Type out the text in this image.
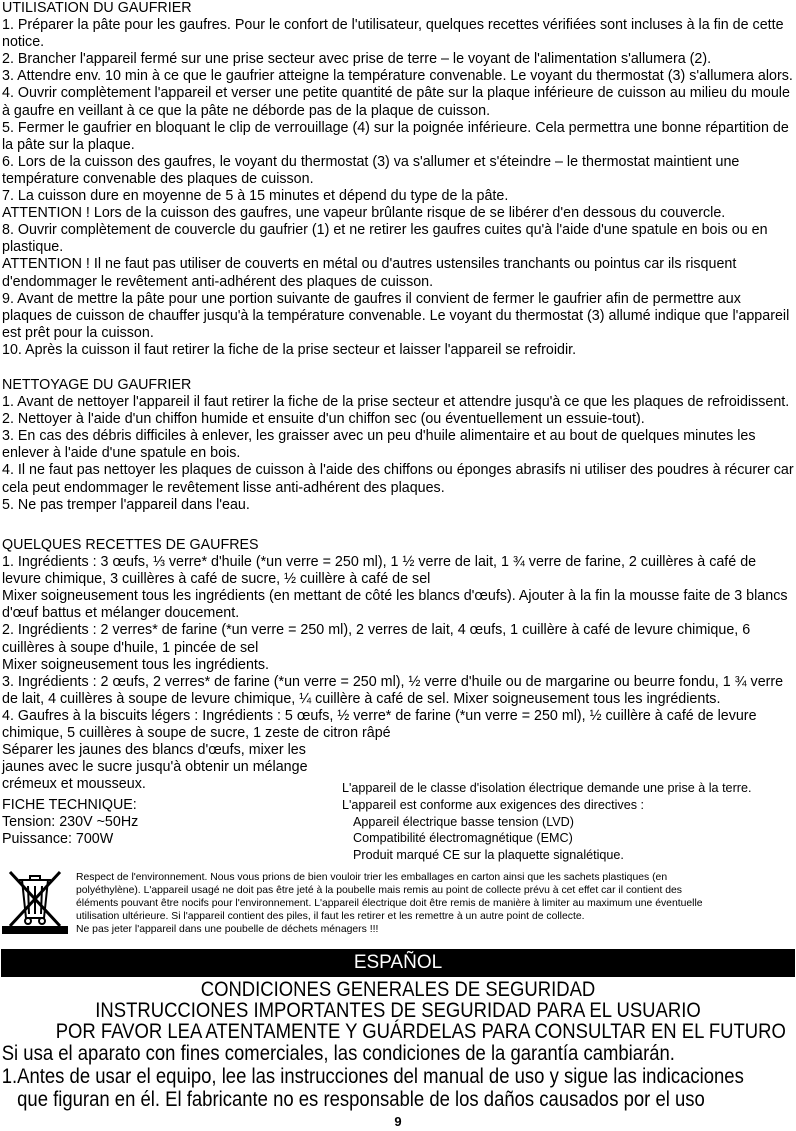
UTILISATION DU GAUFRIER

1. Préparer la pâte pour les gaufres. Pour le confort de l'utilisateur, quelques recettes vérifiées sont incluses à la fin de cette notice.

2. Brancher l'appareil fermé sur une prise secteur avec prise de terre – le voyant de l'alimentation s'allumera (2).

3. Attendre env. 10 min à ce que le gaufrier atteigne la température convenable. Le voyant du thermostat (3) s'allumera alors.

4. Ouvrir complètement l'appareil et verser une petite quantité de pâte sur la plaque inférieure de cuisson au milieu du moule à gaufre en veillant à ce que la pâte ne déborde pas de la plaque de cuisson.

5. Fermer le gaufrier en bloquant le clip de verrouillage (4) sur la poignée inférieure. Cela permettra une bonne répartition de la pâte sur la plaque.

6. Lors de la cuisson des gaufres, le voyant du thermostat (3) va s'allumer et s'éteindre – le thermostat maintient une température convenable des plaques de cuisson.

7. La cuisson dure en moyenne de 5 à 15 minutes et dépend du type de la pâte.

ATTENTION ! Lors de la cuisson des gaufres, une vapeur brûlante risque de se libérer d'en dessous du couvercle.

8. Ouvrir complètement de couvercle du gaufrier (1) et ne retirer les gaufres cuites qu'à l'aide d'une spatule en bois ou en plastique.

ATTENTION ! Il ne faut pas utiliser de couverts en métal ou d'autres ustensiles tranchants ou pointus car ils risquent d'endommager le revêtement anti-adhérent des plaques de cuisson.

9. Avant de mettre la pâte pour une portion suivante de gaufres il convient de fermer le gaufrier afin de permettre aux plaques de cuisson de chauffer jusqu'à la température convenable. Le voyant du thermostat (3) allumé indique que l'appareil est prêt pour la cuisson.

10. Après la cuisson il faut retirer la fiche de la prise secteur et laisser l'appareil se refroidir.

NETTOYAGE DU GAUFRIER

1. Avant de nettoyer l'appareil il faut retirer la fiche de la prise secteur et attendre jusqu'à ce que les plaques de refroidissent.

2. Nettoyer à l'aide d'un chiffon humide et ensuite d'un chiffon sec (ou éventuellement un essuie-tout).

3. En cas des débris difficiles à enlever, les graisser avec un peu d'huile alimentaire et au bout de quelques minutes les enlever à l'aide d'une spatule en bois.

4. Il ne faut pas nettoyer les plaques de cuisson à l'aide des chiffons ou éponges abrasifs ni utiliser des poudres à récurer car cela peut endommager le revêtement lisse anti-adhérent des plaques.

5. Ne pas tremper l'appareil dans l'eau.

QUELQUES RECETTES DE GAUFRES

1. Ingrédients : 3 œufs, ⅓ verre* d'huile (*un verre = 250 ml), 1 ½ verre de lait, 1 ¾ verre de farine, 2 cuillères à café de levure chimique, 3 cuillères à café de sucre, ½ cuillère à café de sel

Mixer soigneusement tous les ingrédients (en mettant de côté les blancs d'œufs). Ajouter à la fin la mousse faite de 3 blancs d'œuf battus et mélanger doucement.

2. Ingrédients : 2 verres* de farine (*un verre = 250 ml), 2 verres de lait, 4 œufs, 1 cuillère à café de levure chimique, 6 cuillères à soupe d'huile, 1 pincée de sel

Mixer soigneusement tous les ingrédients.

3. Ingrédients : 2 œufs, 2 verres* de farine (*un verre = 250 ml), ½ verre d'huile ou de margarine ou beurre fondu, 1 ¾ verre de lait, 4 cuillères à soupe de levure chimique, ¼ cuillère à café de sel. Mixer soigneusement tous les ingrédients.

4. Gaufres à la biscuits légers : Ingrédients : 5 œufs, ½ verre* de farine (*un verre = 250 ml), ½ cuillère à café de levure chimique, 5 cuillères à soupe de sucre, 1 zeste de citron râpé

Séparer les jaunes des blancs d'œufs, mixer les jaunes avec le sucre jusqu'à obtenir un mélange crémeux et mousseux.

FICHE TECHNIQUE:

Tension: 230V ~50Hz

Puissance: 700W

L'appareil de le classe d'isolation électrique demande une prise à la terre.

L'appareil est conforme aux exigences des directives :

Appareil électrique basse tension (LVD)

Compatibilité électromagnétique (EMC)

Produit marqué CE sur la plaquette signalétique.

Respect de l'environnement. Nous vous prions de bien vouloir trier les emballages en carton ainsi que les sachets plastiques (en

polyéthylène). L'appareil usagé ne doit pas être jeté à la poubelle mais remis au point de collecte prévu à cet effet car il contient des

éléments pouvant être nocifs pour l'environnement. L'appareil électrique doit être remis de manière à limiter au maximum une éventuelle

utilisation ultérieure. Si l'appareil contient des piles, il faut les retirer et les remettre à un autre point de collecte.

Ne pas jeter l'appareil dans une poubelle de déchets ménagers !!!

ESPAÑOL

CONDICIONES GENERALES DE SEGURIDAD

INSTRUCCIONES IMPORTANTES DE SEGURIDAD PARA EL USUARIO

POR FAVOR LEA ATENTAMENTE Y GUÁRDELAS PARA CONSULTAR EN EL FUTURO

Si usa el aparato con fines comerciales, las condiciones de la garantía cambiarán.

1.Antes de usar el equipo, lee las instrucciones del manual de uso y sigue las indicaciones

que figuran en él. El fabricante no es responsable de los daños causados por el uso

9
